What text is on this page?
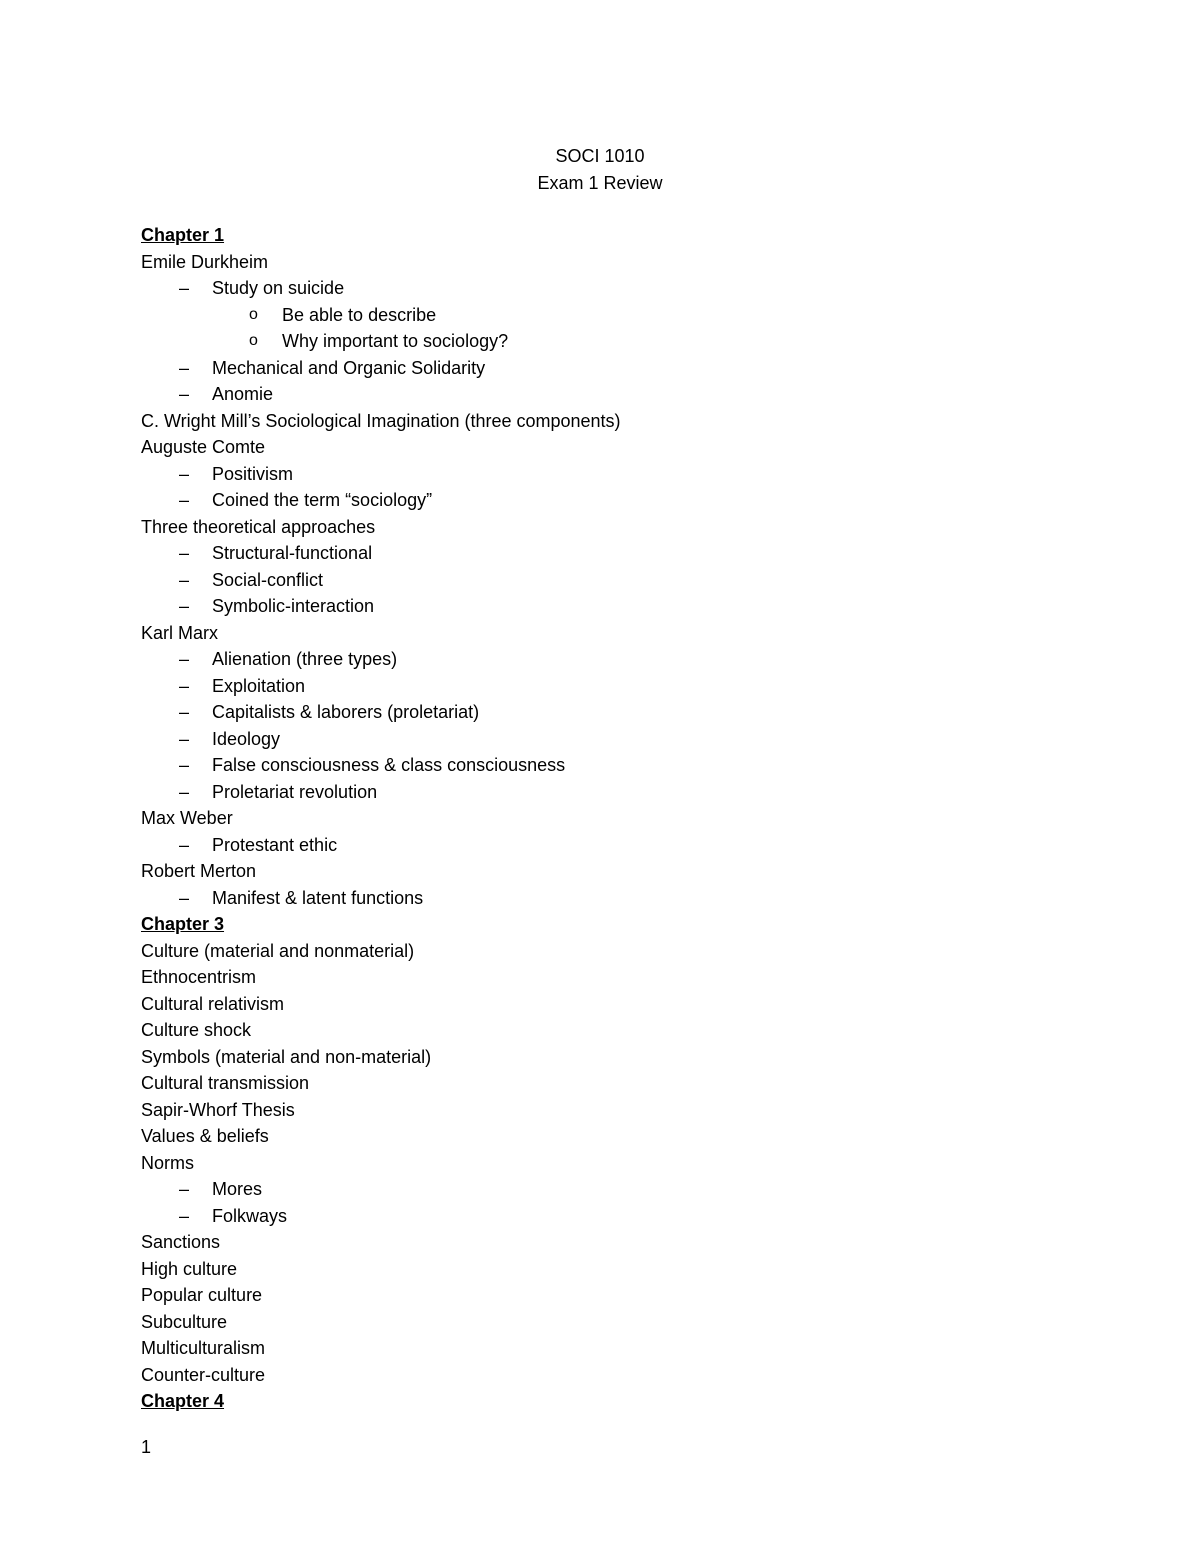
SOCI 1010
Exam 1 Review
Chapter 1
Emile Durkheim
– Study on suicide
o Be able to describe
o Why important to sociology?
– Mechanical and Organic Solidarity
– Anomie
C. Wright Mill’s Sociological Imagination (three components)
Auguste Comte
– Positivism
– Coined the term “sociology”
Three theoretical approaches
– Structural-functional
– Social-conflict
– Symbolic-interaction
Karl Marx
– Alienation (three types)
– Exploitation
– Capitalists & laborers (proletariat)
– Ideology
– False consciousness & class consciousness
– Proletariat revolution
Max Weber
– Protestant ethic
Robert Merton
– Manifest & latent functions
Chapter 3
Culture (material and nonmaterial)
Ethnocentrism
Cultural relativism
Culture shock
Symbols (material and non-material)
Cultural transmission
Sapir-Whorf Thesis
Values & beliefs
Norms
– Mores
– Folkways
Sanctions
High culture
Popular culture
Subculture
Multiculturalism
Counter-culture
Chapter 4
1
